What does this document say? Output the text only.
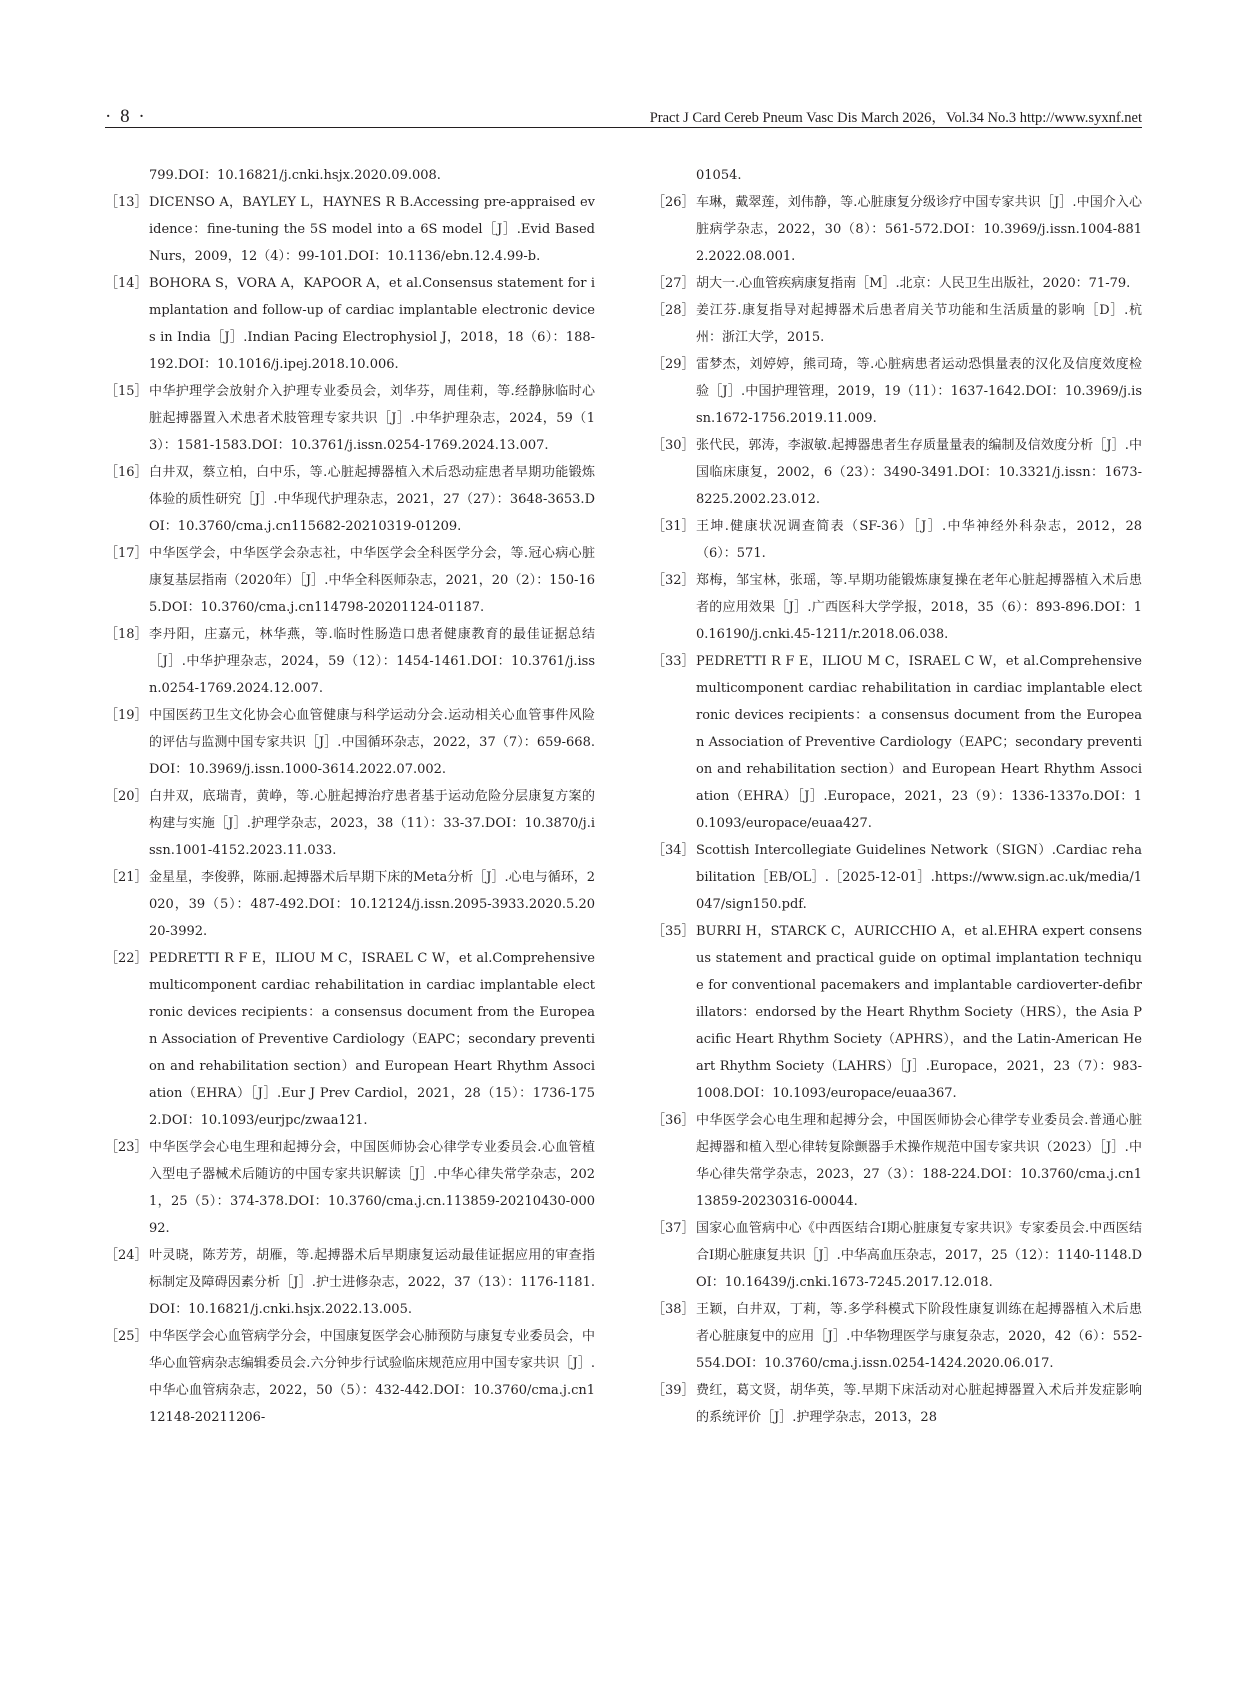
· 8 ·	Pract J Card Cereb Pneum Vasc Dis March 2026，Vol.34 No.3 http://www.syxnf.net
799.DOI：10.16821/j.cnki.hsjx.2020.09.008.
［13］ DICENSO A，BAYLEY L，HAYNES R B.Accessing pre-appraised evidence：fine-tuning the 5S model into a 6S model［J］.Evid Based Nurs，2009，12（4）：99-101.DOI：10.1136/ebn.12.4.99-b.
［14］ BOHORA S，VORA A，KAPOOR A，et al.Consensus statement for implantation and follow-up of cardiac implantable electronic devices in India［J］.Indian Pacing Electrophysiol J，2018，18（6）：188-192.DOI：10.1016/j.ipej.2018.10.006.
［15］ 中华护理学会放射介入护理专业委员会，刘华芬，周佳莉，等.经静脉临时心脏起搏器置入术患者术肢管理专家共识［J］.中华护理杂志，2024，59（13）：1581-1583.DOI：10.3761/j.issn.0254-1769.2024.13.007.
［16］ 白井双，蔡立柏，白中乐，等.心脏起搏器植入术后恐动症患者早期功能锻炼体验的质性研究［J］.中华现代护理杂志，2021，27（27）：3648-3653.DOI：10.3760/cma.j.cn115682-20210319-01209.
［17］ 中华医学会，中华医学会杂志社，中华医学会全科医学分会，等.冠心病心脏康复基层指南（2020年）［J］.中华全科医师杂志，2021，20（2）：150-165.DOI：10.3760/cma.j.cn114798-20201124-01187.
［18］ 李丹阳，庄嘉元，林华燕，等.临时性肠造口患者健康教育的最佳证据总结［J］.中华护理杂志，2024，59（12）：1454-1461.DOI：10.3761/j.issn.0254-1769.2024.12.007.
［19］ 中国医药卫生文化协会心血管健康与科学运动分会.运动相关心血管事件风险的评估与监测中国专家共识［J］.中国循环杂志，2022，37（7）：659-668.DOI：10.3969/j.issn.1000-3614.2022.07.002.
［20］ 白井双，底瑞青，黄峥，等.心脏起搏治疗患者基于运动危险分层康复方案的构建与实施［J］.护理学杂志，2023，38（11）：33-37.DOI：10.3870/j.issn.1001-4152.2023.11.033.
［21］ 金星星，李俊骅，陈丽.起搏器术后早期下床的Meta分析［J］.心电与循环，2020，39（5）：487-492.DOI：10.12124/j.issn.2095-3933.2020.5.2020-3992.
［22］ PEDRETTI R F E，ILIOU M C，ISRAEL C W，et al.Comprehensive multicomponent cardiac rehabilitation in cardiac implantable electronic devices recipients：a consensus document from the European Association of Preventive Cardiology（EAPC；secondary prevention and rehabilitation section）and European Heart Rhythm Association（EHRA）［J］.Eur J Prev Cardiol，2021，28（15）：1736-1752.DOI：10.1093/eurjpc/zwaa121.
［23］ 中华医学会心电生理和起搏分会，中国医师协会心律学专业委员会.心血管植入型电子器械术后随访的中国专家共识解读［J］.中华心律失常学杂志，2021，25（5）：374-378.DOI：10.3760/cma.j.cn.113859-20210430-00092.
［24］ 叶灵晓，陈芳芳，胡雁，等.起搏器术后早期康复运动最佳证据应用的审查指标制定及障碍因素分析［J］.护士进修杂志，2022，37（13）：1176-1181.DOI：10.16821/j.cnki.hsjx.2022.13.005.
［25］ 中华医学会心血管病学分会，中国康复医学会心肺预防与康复专业委员会，中华心血管病杂志编辑委员会.六分钟步行试验临床规范应用中国专家共识［J］.中华心血管病杂志，2022，50（5）：432-442.DOI：10.3760/cma.j.cn112148-20211206-
01054.
［26］ 车琳，戴翠莲，刘伟静，等.心脏康复分级诊疗中国专家共识［J］.中国介入心脏病学杂志，2022，30（8）：561-572.DOI：10.3969/j.issn.1004-8812.2022.08.001.
［27］ 胡大一.心血管疾病康复指南［M］.北京：人民卫生出版社，2020：71-79.
［28］ 姜江芬.康复指导对起搏器术后患者肩关节功能和生活质量的影响［D］.杭州：浙江大学，2015.
［29］ 雷梦杰，刘婷婷，熊司琦，等.心脏病患者运动恐惧量表的汉化及信度效度检验［J］.中国护理管理，2019，19（11）：1637-1642.DOI：10.3969/j.issn.1672-1756.2019.11.009.
［30］ 张代民，郭涛，李淑敏.起搏器患者生存质量量表的编制及信效度分析［J］.中国临床康复，2002，6（23）：3490-3491.DOI：10.3321/j.issn：1673-8225.2002.23.012.
［31］ 王坤.健康状况调查简表（SF-36）［J］.中华神经外科杂志，2012，28（6）：571.
［32］ 郑梅，邹宝林，张瑶，等.早期功能锻炼康复操在老年心脏起搏器植入术后患者的应用效果［J］.广西医科大学学报，2018，35（6）：893-896.DOI：10.16190/j.cnki.45-1211/r.2018.06.038.
［33］ PEDRETTI R F E，ILIOU M C，ISRAEL C W，et al.Comprehensive multicomponent cardiac rehabilitation in cardiac implantable electronic devices recipients：a consensus document from the European Association of Preventive Cardiology（EAPC；secondary prevention and rehabilitation section）and European Heart Rhythm Association（EHRA）［J］.Europace，2021，23（9）：1336-1337o.DOI：10.1093/europace/euaa427.
［34］ Scottish Intercollegiate Guidelines Network（SIGN）.Cardiac rehabilitation［EB/OL］.［2025-12-01］.https://www.sign.ac.uk/media/1047/sign150.pdf.
［35］ BURRI H，STARCK C，AURICCHIO A，et al.EHRA expert consensus statement and practical guide on optimal implantation technique for conventional pacemakers and implantable cardioverter-defibrillators：endorsed by the Heart Rhythm Society（HRS），the Asia Pacific Heart Rhythm Society（APHRS），and the Latin-American Heart Rhythm Society（LAHRS）［J］.Europace，2021，23（7）：983-1008.DOI：10.1093/europace/euaa367.
［36］ 中华医学会心电生理和起搏分会，中国医师协会心律学专业委员会.普通心脏起搏器和植入型心律转复除颤器手术操作规范中国专家共识（2023）［J］.中华心律失常学杂志，2023，27（3）：188-224.DOI：10.3760/cma.j.cn113859-20230316-00044.
［37］ 国家心血管病中心《中西医结合Ⅰ期心脏康复专家共识》专家委员会.中西医结合Ⅰ期心脏康复共识［J］.中华高血压杂志，2017，25（12）：1140-1148.DOI：10.16439/j.cnki.1673-7245.2017.12.018.
［38］ 王颖，白井双，丁莉，等.多学科模式下阶段性康复训练在起搏器植入术后患者心脏康复中的应用［J］.中华物理医学与康复杂志，2020，42（6）：552-554.DOI：10.3760/cma.j.issn.0254-1424.2020.06.017.
［39］ 费红，葛文贤，胡华英，等.早期下床活动对心脏起搏器置入术后并发症影响的系统评价［J］.护理学杂志，2013，28
